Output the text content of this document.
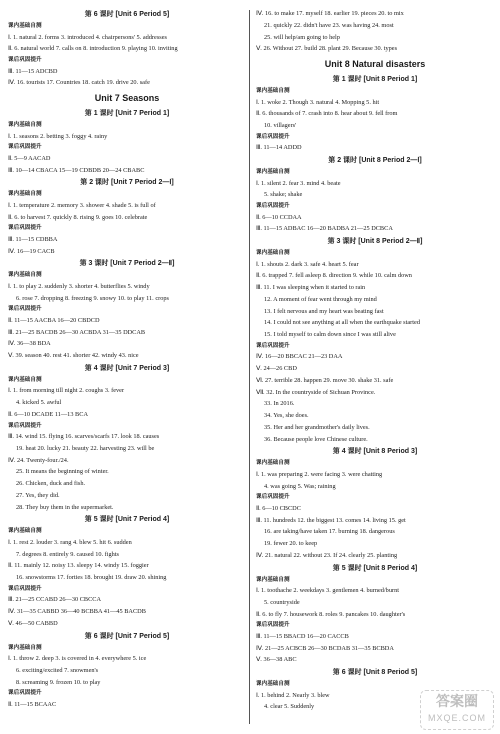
第 6 课时 [Unit 6 Period 5]
课内基础自测
Ⅰ. 1. natural 2. forms 3. introduced 4. chairpersons' 5. addresses
Ⅱ. 6. natural world 7. calls on 8. introduction 9. playing 10. inviting
课后巩固提升
Ⅲ. 11—15 ADCBD
Ⅳ. 16. tourists 17. Countries 18. catch 19. drive 20. safe
Unit 7 Seasons
第 1 课时 [Unit 7 Period 1]
课内基础自测
Ⅰ. 1. seasons 2. betting 3. foggy 4. rainy
课后巩固提升
Ⅱ. 5—9 AACAD
Ⅲ. 10—14 CBACA 15—19 CDBDB 20—24 CBABC
第 2 课时 [Unit 7 Period 2—Ⅰ]
课内基础自测
Ⅰ. 1. temperature 2. memory 3. shower 4. shade 5. is full of
Ⅱ. 6. to harvest 7. quickly 8. rising 9. goes 10. celebrate
课后巩固提升
Ⅲ. 11—15 CDBBA
Ⅳ. 16—19 CACB
第 3 课时 [Unit 7 Period 2—Ⅱ]
课内基础自测
Ⅰ. 1. to play 2. suddenly 3. shorter 4. butterflies 5. windy
6. rose 7. dropping 8. freezing 9. snowy 10. to play 11. crops
课后巩固提升
Ⅱ. 11—15 AACBA 16—20 CBDCD
Ⅲ. 21—25 BACDB 26—30 ACBDA 31—35 DDCAB
Ⅳ. 36—38 BDA
Ⅴ. 39. season 40. rest 41. shorter 42. windy 43. nice
第 4 课时 [Unit 7 Period 3]
课内基础自测
Ⅰ. 1. from morning till night 2. coughs 3. fever
4. kicked 5. awful
Ⅱ. 6—10 DCADE 11—13 BCA
课后巩固提升
Ⅲ. 14. wind 15. flying 16. scarves/scarfs 17. look 18. causes
19. heat 20. lucky 21. beauty 22. harvesting 23. will be
Ⅳ. 24. Twenty-four./24.
25. It means the beginning of winter.
26. Chicken, duck and fish.
27. Yes, they did.
28. They buy them in the supermarket.
第 5 课时 [Unit 7 Period 4]
课内基础自测
Ⅰ. 1. rest 2. louder 3. rang 4. blew 5. hit 6. sudden
7. degrees 8. entirely 9. caused 10. fights
Ⅱ. 11. mainly 12. noisy 13. sleepy 14. windy 15. foggier
16. snowstorms 17. forties 18. brought 19. draw 20. shining
课后巩固提升
Ⅲ. 21—25 CCABD 26—30 CBCCA
Ⅳ. 31—35 CABBD 36—40 BCBBA 41—45 BACDB
Ⅴ. 46—50 CABBD
第 6 课时 [Unit 7 Period 5]
课内基础自测
Ⅰ. 1. throw 2. deep 3. is covered in 4. everywhere 5. ice
6. exciting/excited 7. snowmen's
8. screaming 9. frozen 10. to play
课后巩固提升
Ⅱ. 11—15 BCAAC
Ⅳ. 16. to make 17. myself 18. earlier 19. pieces 20. to mix
21. quickly 22. didn't have 23. was having 24. most
25. will help/am going to help
Ⅴ. 26. Without 27. build 28. plant 29. Because 30. types
Unit 8 Natural disasters
第 1 课时 [Unit 8 Period 1]
课内基础自测
Ⅰ. 1. woke 2. Though 3. natural 4. Mopping 5. hit
Ⅱ. 6. thousands of 7. crash into 8. hear about 9. fell from
10. villagers'
课后巩固提升
Ⅲ. 11—14 ADDD
第 2 课时 [Unit 8 Period 2—Ⅰ]
课内基础自测
Ⅰ. 1. silent 2. fear 3. mind 4. beate
5. shake; shake
课后巩固提升
Ⅱ. 6—10 CCDAA
Ⅲ. 11—15 ADBAC 16—20 BADBA 21—25 DCBCA
第 3 课时 [Unit 8 Period 2—Ⅱ]
课内基础自测
Ⅰ. 1. shouts 2. dark 3. safe 4. heart 5. fear
Ⅱ. 6. trapped 7. fell asleep 8. direction 9. while 10. calm down
Ⅲ. 11. I was sleeping when it started to rain
12. A moment of fear went through my mind
13. I felt nervous and my heart was beating fast
14. I could not see anything at all when the earthquake started
15. I told myself to calm down since I was still alive
课后巩固提升
Ⅳ. 16—20 BBCAC 21—23 DAA
Ⅴ. 24—26 CBD
Ⅵ. 27. terrible 28. happen 29. move 30. shake 31. safe
Ⅶ. 32. In the countryside of Sichuan Province.
33. In 2016.
34. Yes, she does.
35. Her and her grandmother's daily lives.
36. Because people love Chinese culture.
第 4 课时 [Unit 8 Period 3]
课内基础自测
Ⅰ. 1. was preparing 2. were facing 3. were chatting
4. was going 5. Was; raining
课后巩固提升
Ⅱ. 6—10 CBCDC
Ⅲ. 11. hundreds 12. the biggest 13. comes 14. living 15. get
16. are taking/have taken 17. burning 18. dangerous
19. fewer 20. to keep
Ⅳ. 21. natural 22. without 23. If 24. clearly 25. planting
第 5 课时 [Unit 8 Period 4]
课内基础自测
Ⅰ. 1. toothache 2. weekdays 3. gentlemen 4. burned/burnt
5. countryside
Ⅱ. 6. to fly 7. housework 8. roles 9. pancakes 10. daughter's
课后巩固提升
Ⅲ. 11—15 BBACD 16—20 CACCB
Ⅳ. 21—25 ACBCB 26—30 BCDAB 31—35 BCBDA
Ⅴ. 36—38 ABC
第 6 课时 [Unit 8 Period 5]
课内基础自测
Ⅰ. 1. behind 2. Nearly 3. blew
4. clear 5. Suddenly	答案圈
MXQE.COM
